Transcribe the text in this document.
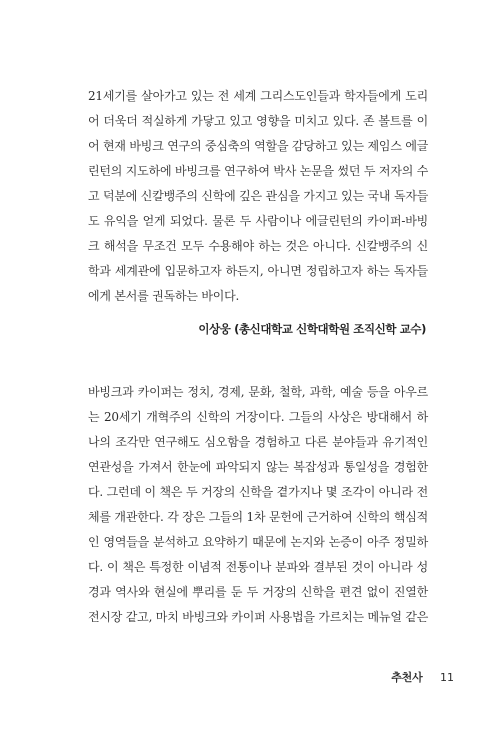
21세기를 살아가고 있는 전 세계 그리스도인들과 학자들에게 도리
어 더욱더 적실하게 가닿고 있고 영향을 미치고 있다. 존 볼트를 이
어 현재 바빙크 연구의 중심축의 역할을 감당하고 있는 제임스 에글
린턴의 지도하에 바빙크를 연구하여 박사 논문을 썼던 두 저자의 수
고 덕분에 신칼뱅주의 신학에 깊은 관심을 가지고 있는 국내 독자들
도 유익을 얻게 되었다. 물론 두 사람이나 에글린턴의 카이퍼-바빙
크 해석을 무조건 모두 수용해야 하는 것은 아니다. 신칼뱅주의 신
학과 세계관에 입문하고자 하든지, 아니면 정립하고자 하는 독자들
에게 본서를 권독하는 바이다.
이상웅 (총신대학교 신학대학원 조직신학 교수)
바빙크과 카이퍼는 정치, 경제, 문화, 철학, 과학, 예술 등을 아우르
는 20세기 개혁주의 신학의 거장이다. 그들의 사상은 방대해서 하
나의 조각만 연구해도 심오함을 경험하고 다른 분야들과 유기적인
연관성을 가져서 한눈에 파악되지 않는 복잡성과 통일성을 경험한
다. 그런데 이 책은 두 거장의 신학을 곁가지나 몇 조각이 아니라 전
체를 개관한다. 각 장은 그들의 1차 문헌에 근거하여 신학의 핵심적
인 영역들을 분석하고 요약하기 때문에 논지와 논증이 아주 정밀하
다. 이 책은 특정한 이념적 전통이나 분파와 결부된 것이 아니라 성
경과 역사와 현실에 뿌리를 둔 두 거장의 신학을 편견 없이 진열한
전시장 같고, 마치 바빙크와 카이퍼 사용법을 가르치는 메뉴얼 같은
추천사 11
